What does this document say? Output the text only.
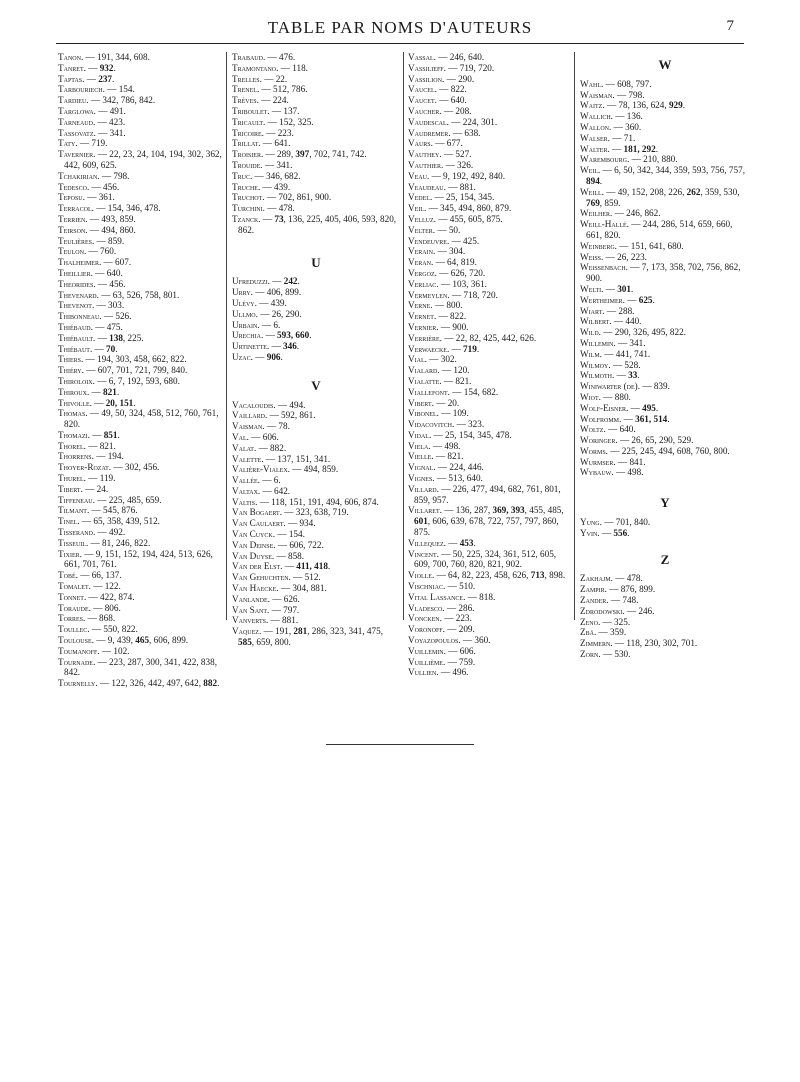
TABLE PAR NOMS D'AUTEURS	7
Tanon. — 191, 344, 608.
Tanret. — 932.
Taptas. — 237.
Tarbouriech. — 154.
Tardieu. — 342, 786, 842.
Targlowa. — 491.
Tarneaud. — 423.
Tassovatz. — 341.
Taty. — 719.
Tavernier. — 22, 23, 24, 104, 194, 302, 362, 442, 609, 625.
Tchakirian. — 798.
Tedesco. — 456.
Teposu. — 361.
Terracol. — 154, 346, 478.
Terrien. — 493, 859.
Teirson. — 494, 860.
Teulières. — 859.
Teulon. — 760.
Thalheimer. — 607.
Theillier. — 640.
Theorides. — 456.
Thevenard. — 63, 526, 758, 801.
Thevenot. — 303.
Thibonneau. — 526.
Thiébaud. — 475.
Thiébault. — 138, 225.
Thiébaut. — 70.
Thiers. — 194, 303, 458, 662, 822.
Thiéry. — 607, 701, 721, 799, 840.
Thiroloix. — 6, 7, 192, 593, 680.
Thiroux. — 821.
Thivolle. — 20, 151.
Thomas. — 49, 50, 324, 458, 512, 760, 761, 820.
Thomazi. — 851.
Thorel. — 821.
Thorrens. — 194.
Thoyer-Rozat. — 302, 456.
Thurel. — 119.
Tibert. — 24.
Tiffeneau. — 225, 485, 659.
Tilmant. — 545, 876.
Tinel. — 65, 358, 439, 512.
Tisserand. — 492.
Tisseuil. — 81, 246, 822.
Tixier. — 9, 151, 152, 194, 424, 513, 626, 661, 701, 761.
Tobé. — 66, 137.
Tomalet. — 122.
Tonnet. — 422, 874.
Toraude. — 806.
Torres. — 868.
Toullec. — 550, 822.
Toulouse. — 9, 439, 465, 606, 899.
Toumanoff. — 102.
Tournade. — 223, 287, 300, 341, 422, 838, 842.
Tournelly. — 122, 326, 442, 497, 642, 882.
Trabaud. — 476.
Tramontano. — 118.
Trelles. — 22.
Trenel. — 512, 786.
Trèves. — 224.
Triboulet. — 137.
Tricault. — 152, 325.
Tricoire. — 223.
Trillat. — 641.
Troisier. — 289, 397, 702, 741, 742.
Trouide. — 341.
Truc. — 346, 682.
Truche. — 439.
Truchot. — 702, 861, 900.
Turchini. — 478.
Tzanck. — 73, 136, 225, 405, 406, 593, 820, 862.
U
Ufreduzzi. — 242.
Urry. — 406, 899.
Ulévy. — 439.
Ullmo. — 26, 290.
Urbain. — 6.
Urechia. — 593, 660.
Urtinette. — 346.
Uzac. — 906.
V
Vacaloudis. — 494.
Vaillard. — 592, 861.
Vaisman. — 78.
Val. — 606.
Valat. — 882.
Valette. — 137, 151, 341.
Valière-Vialex. — 494, 859.
Vallée. — 6.
Valtax. — 642.
Valtis. — 118, 151, 191, 494, 606, 874.
Van Bogaert. — 323, 638, 719.
Van Caulaert. — 934.
Van Cuyck. — 154.
Van Deinse. — 606, 722.
Van Duyse. — 858.
Van der Elst. — 411, 418.
Van Gehuchten. — 512.
Van Haecke. — 304, 881.
Vanlande. — 626.
Van Sant. — 797.
Vanverts. — 881.
Vaquez. — 191, 281, 286, 323, 341, 475, 585, 659, 800.
Vassal. — 246, 640.
Vassilieff. — 719, 720.
Vassilion. — 290.
Vaucel. — 822.
Vaucet. — 640.
Vaucher. — 208.
Vaudescal. — 224, 301.
Vaudremer. — 638.
Vaurs. — 677.
Vauthey. — 527.
Vauthier. — 326.
Veau. — 9, 192, 492, 840.
Veaudeau. — 881.
Vedel. — 25, 154, 345.
Veil. — 345, 494, 860, 879.
Velluz. — 455, 605, 875.
Velter. — 50.
Vendeuvre. — 425.
Verain. — 304.
Veran. — 64, 819.
Vergoz. — 626, 720.
Verliac. — 103, 361.
Vermeylen. — 718, 720.
Verne. — 800.
Vernet. — 822.
Vernier. — 900.
Verrière. — 22, 82, 425, 442, 626.
Verwaecke. — 719.
Vial. — 302.
Vialard. — 120.
Vialatte. — 821.
Viallefont. — 154, 682.
Vibert. — 20.
Vibonel. — 109.
Vidacovitch. — 323.
Vidal. — 25, 154, 345, 478.
Viela. — 498.
Vielle. — 821.
Vignal. — 224, 446.
Vignes. — 513, 640.
Villard. — 226, 477, 494, 682, 761, 801, 859, 957.
Villaret. — 136, 287, 369, 393, 455, 485, 601, 606, 639, 678, 722, 757, 797, 860, 875.
Villequez. — 453.
Vincent. — 50, 225, 324, 361, 512, 605, 609, 700, 760, 820, 821, 902.
Violle. — 64, 82, 223, 458, 626, 713, 898.
Vischniac. — 510.
Vital Lassance. — 818.
Vladesco. — 286.
Voncken. — 223.
Voronoff. — 209.
Voyazopoulos. — 360.
Vuillemin. — 606.
Vuillième. — 759.
Vullien. — 496.
W
Wahl. — 608, 797.
Waisman. — 798.
Waitz. — 78, 136, 624, 929.
Wallich. — 136.
Wallon. — 360.
Walser. — 71.
Walter. — 181, 292.
Warembourg. — 210, 880.
Weil. — 6, 50, 342, 344, 359, 593, 756, 757, 894.
Weill. — 49, 152, 208, 226, 262, 359, 530, 769, 859.
Weilher. — 246, 862.
Weill-Hallé. — 244, 286, 514, 659, 660, 661, 820.
Weinberg. — 151, 641, 680.
Weiss. — 26, 223.
Weissenbach. — 7, 173, 358, 702, 756, 862, 900.
Welti. — 301.
Wertheimer. — 625.
Wiart. — 288.
Wilbert. — 440.
Wild. — 290, 326, 495, 822.
Willemin. — 341.
Wilm. — 441, 741.
Wilmoy. — 528.
Wilmoth. — 33.
Winiwarter (de). — 839.
Wiot. — 880.
Wolf-Eisner. — 495.
Wolfromm. — 361, 514.
Woltz. — 640.
Woringer. — 26, 65, 290, 529.
Worms. — 225, 245, 494, 608, 760, 800.
Wurmser. — 841.
Wybauw. — 498.
Y
Yung. — 701, 840.
Yvin. — 556.
Z
Zakhajm. — 478.
Zampir. — 876, 899.
Zander. — 748.
Zdrodowski. — 246.
Zeno. — 325.
Zbä. — 359.
Zimmern. — 118, 230, 302, 701.
Zorn. — 530.
